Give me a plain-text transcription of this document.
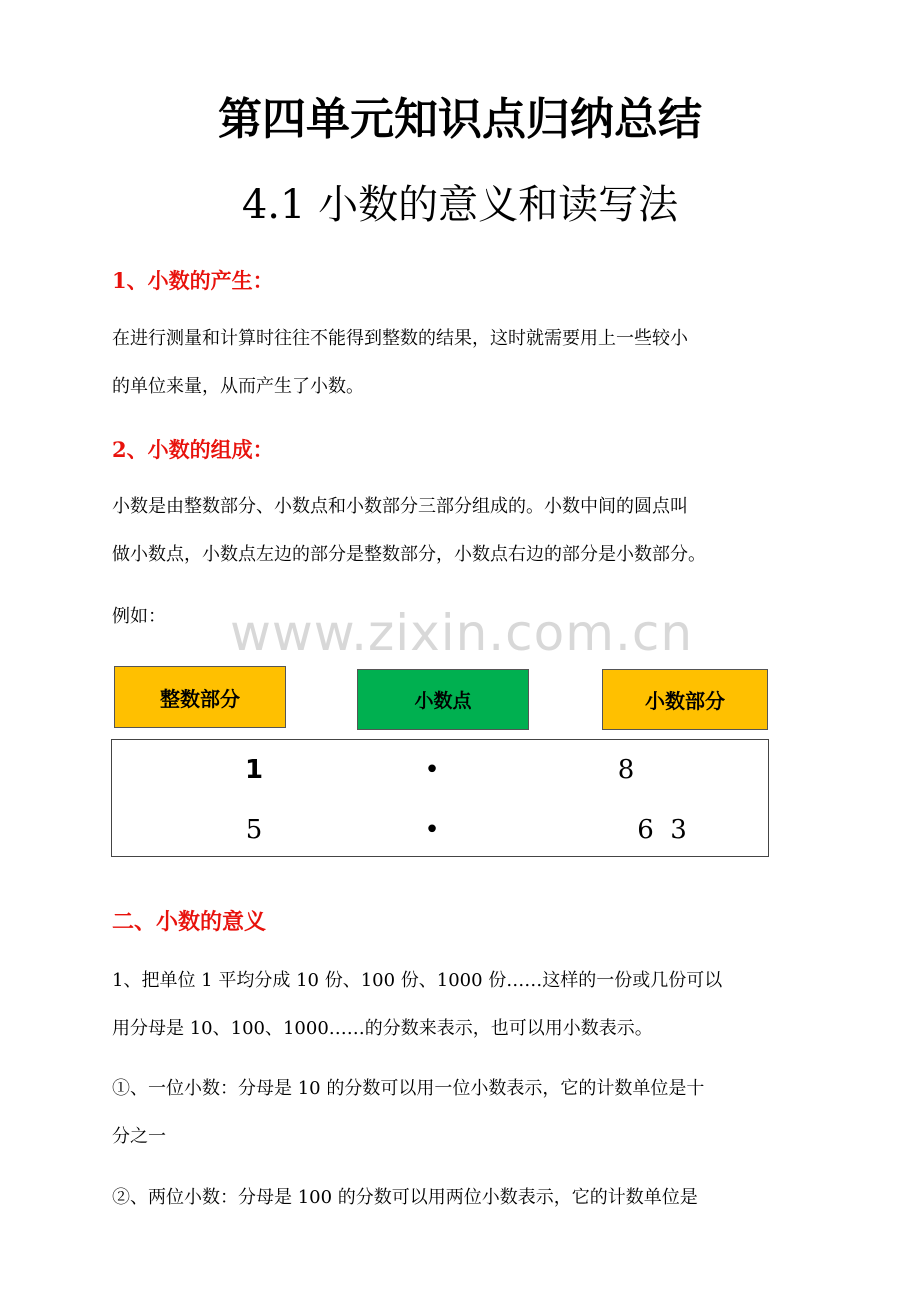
第四单元知识点归纳总结
4.1 小数的意义和读写法
1、小数的产生：
在进行测量和计算时往往不能得到整数的结果，这时就需要用上一些较小
的单位来量，从而产生了小数。
2、小数的组成：
小数是由整数部分、小数点和小数部分三部分组成的。小数中间的圆点叫
做小数点，小数点左边的部分是整数部分，小数点右边的部分是小数部分。
例如：	www.zixin.com.cn
整数部分	小数点	小数部分
1	•	8
5	•	6  3
二、小数的意义
1、把单位 1 平均分成 10 份、100 份、1000 份……这样的一份或几份可以
用分母是 10、100、1000……的分数来表示，也可以用小数表示。
①、一位小数：分母是 10 的分数可以用一位小数表示，它的计数单位是十
分之一
②、两位小数：分母是 100 的分数可以用两位小数表示，它的计数单位是
